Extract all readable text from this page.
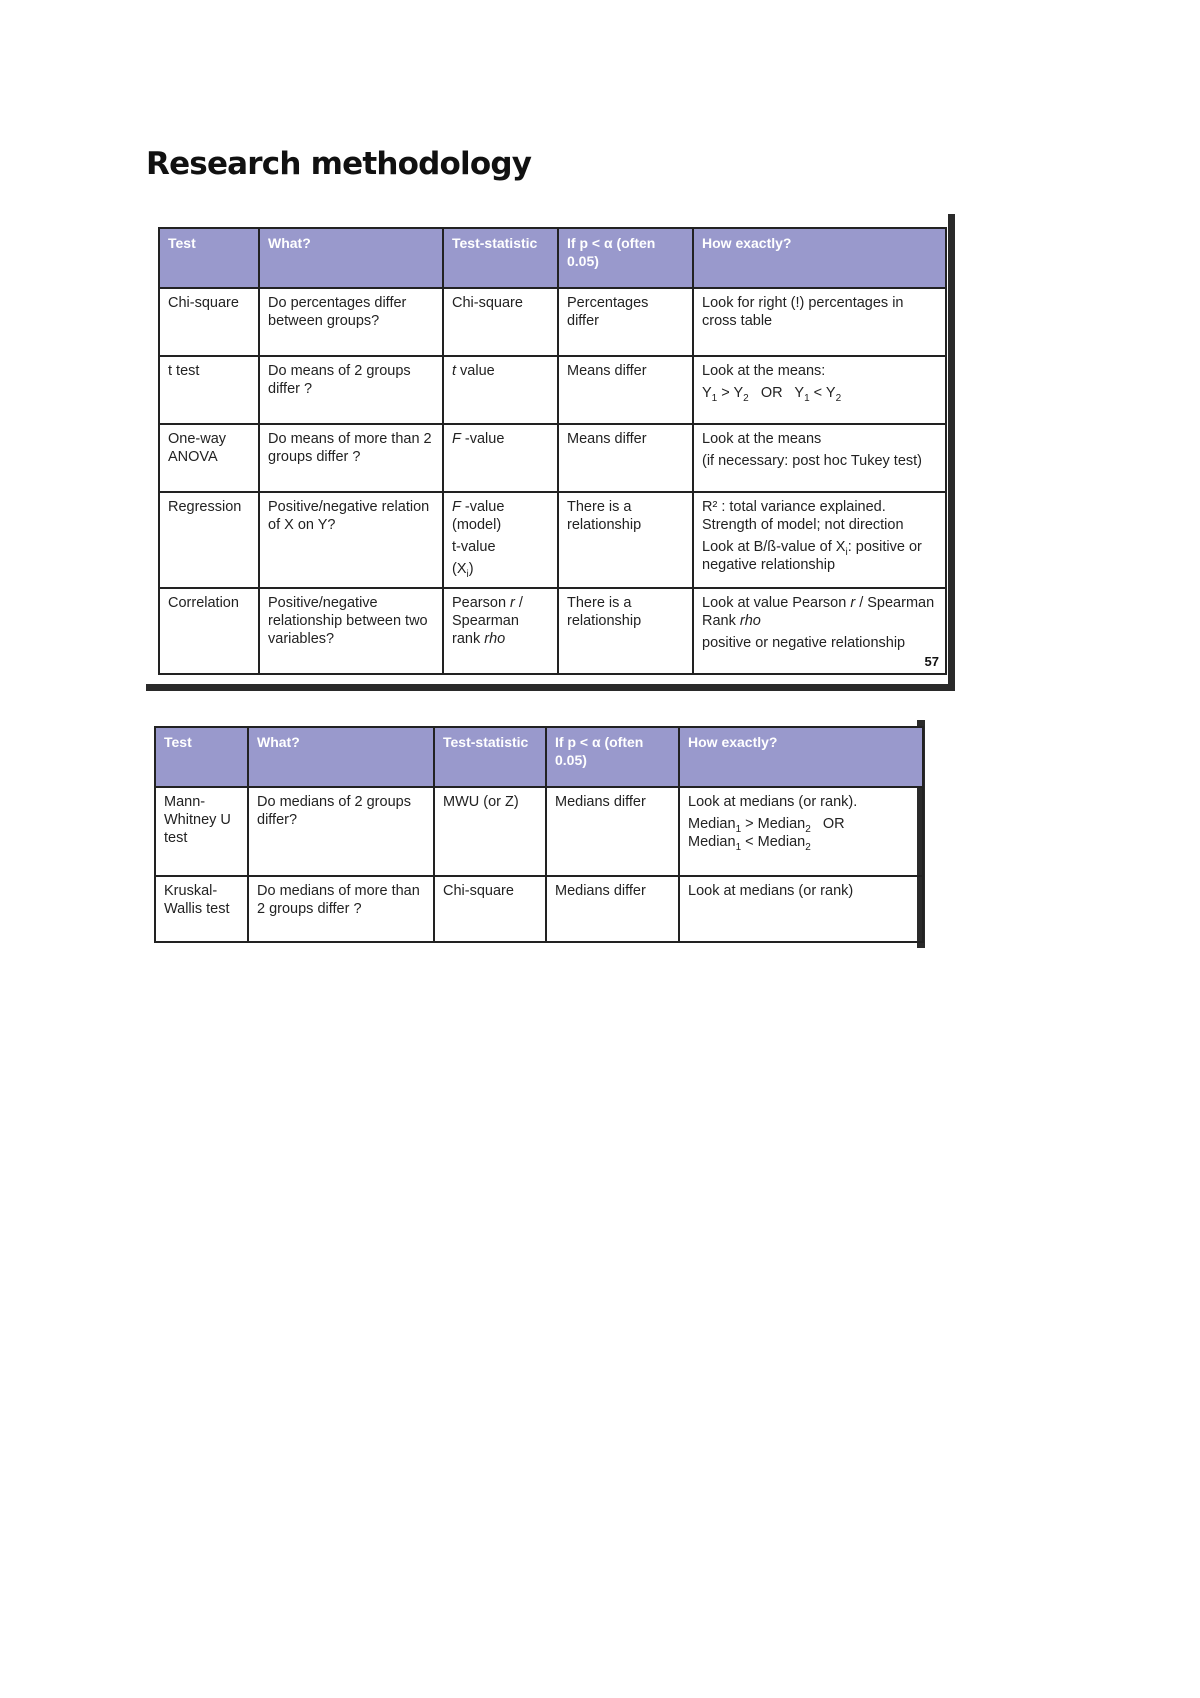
Research methodology
Test	What?	Test-statistic	If p < α (often 0.05)	How exactly?
Chi-square	Do percentages differ between groups?	Chi-square	Percentages differ	Look for right (!) percentages in cross table
t test	Do means of 2 groups differ ?	t value	Means differ	Look at the means:
$Y_1 > Y_2$   OR   $Y_1 < Y_2$

One-way ANOVA	Do means of more than 2 groups differ ?	F -value	Means differ	Look at the means
(if necessary: post hoc Tukey test)

Regression	Positive/negative relation of X on Y?	F -value (model)
t-value
$(X_i)$	There is a relationship	R² : total variance explained. Strength of model; not direction
Look at B/ß-value of $X_i$: positive or negative relationship

Correlation	Positive/negative relationship between two variables?	Pearson r / Spearman rank rho	There is a relationship	Look at value Pearson r / Spearman Rank rho
positive or negative relationship
57
Test	What?	Test-statistic	If p < α (often 0.05)	How exactly?
Mann-Whitney U test	Do medians of 2 groups differ?	MWU (or Z)	Medians differ	Look at medians (or rank).
Median$_1$ > Median$_2$   OR
Median$_1$ < Median$_2$

Kruskal-Wallis test	Do medians of more than 2 groups differ ?	Chi-square	Medians differ	Look at medians (or rank)
